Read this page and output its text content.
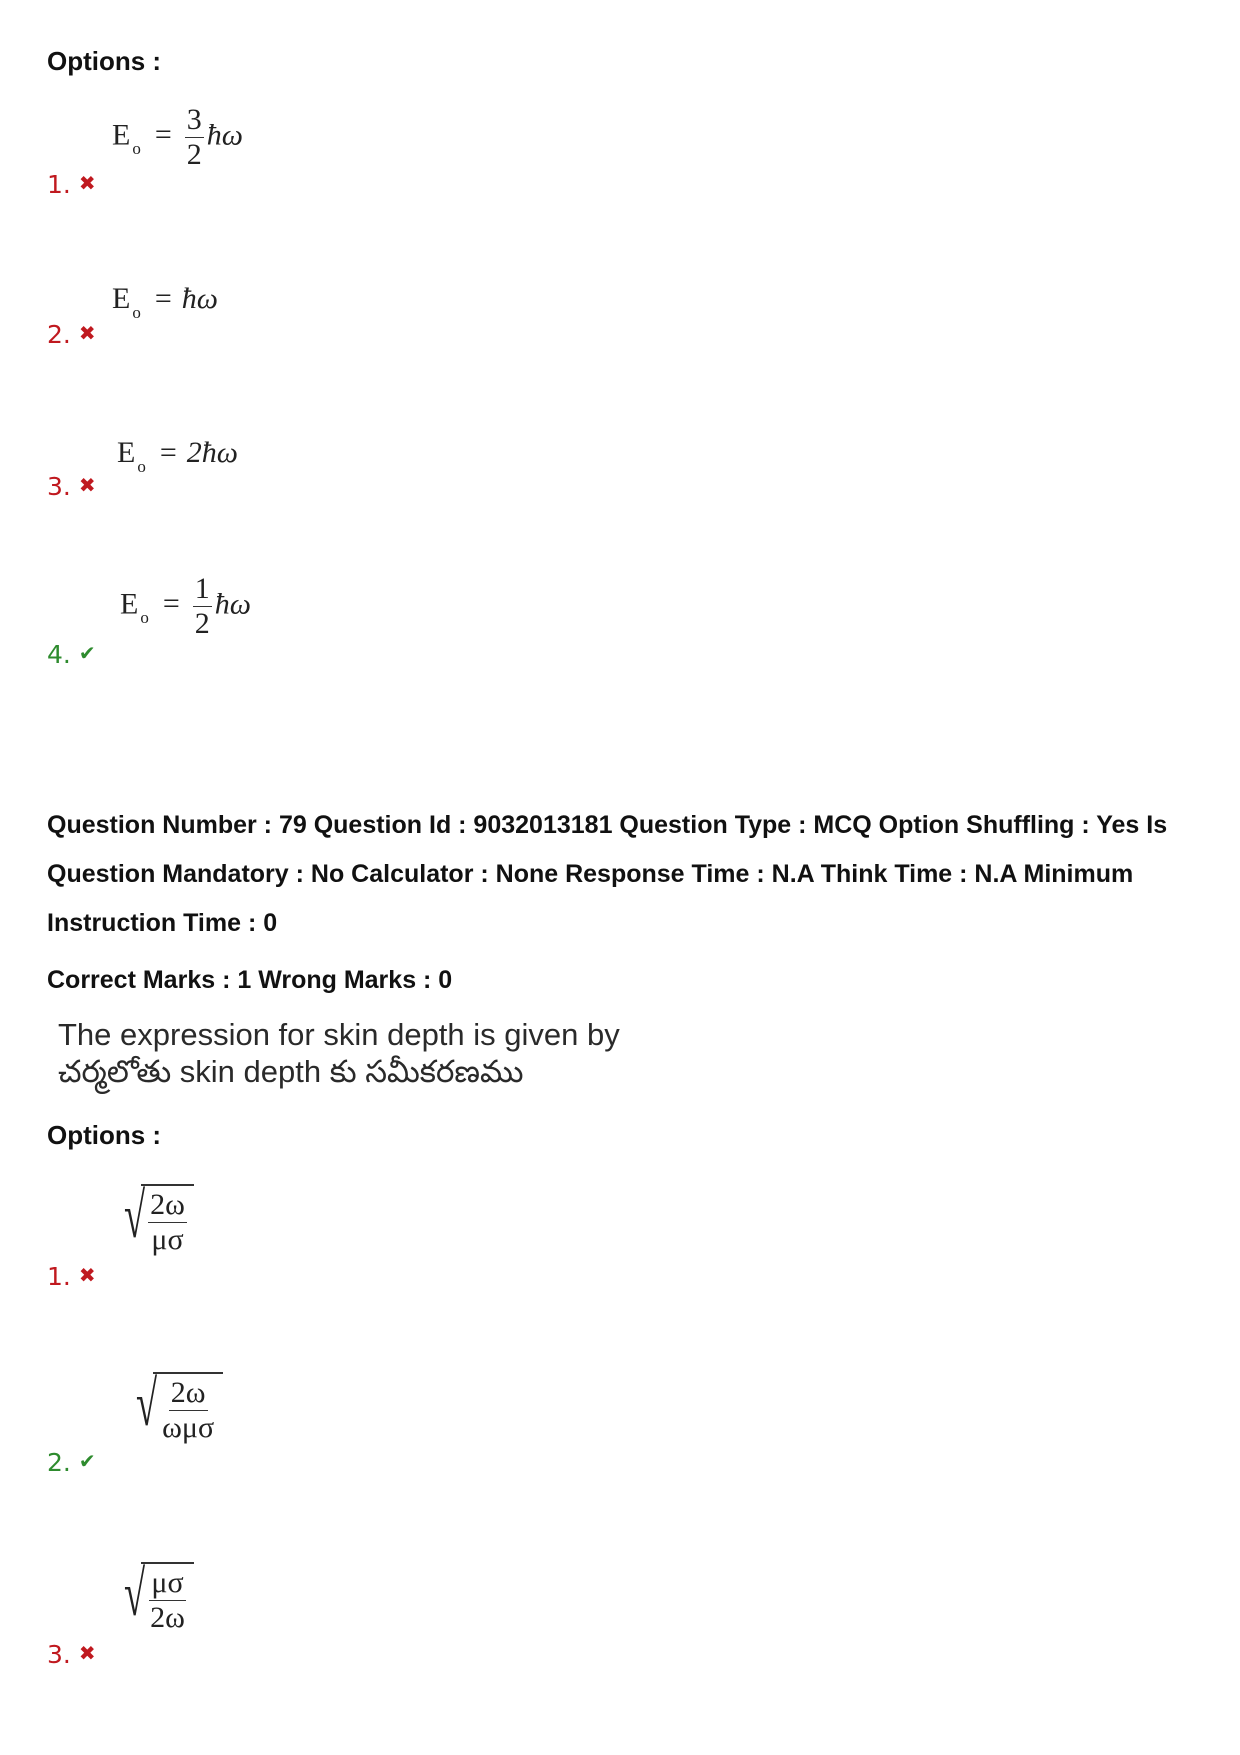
Options :
E $_o = \frac{3}{2}$ ħω
1. ✖
E $_o$ = ħω
2. ✖
E $_o$ = 2ħω
3. ✖
E $_o = \frac{1}{2}$ ħω
4. ✔
Question Number : 79 Question Id : 9032013181 Question Type : MCQ Option Shuffling : Yes Is
Question Mandatory : No Calculator : None Response Time : N.A Think Time : N.A Minimum
Instruction Time : 0
Correct Marks : 1 Wrong Marks : 0
The expression for skin depth is given by
చర్మలోతు skin depth కు సమీకరణము
Options :
√ $\frac{2\omega}{\mu\sigma}$
1. ✖
√ $\frac{2\omega}{\text{ωμσ}}$
2. ✔
√ $\frac{\mu\sigma}{2\omega}$
3. ✖
